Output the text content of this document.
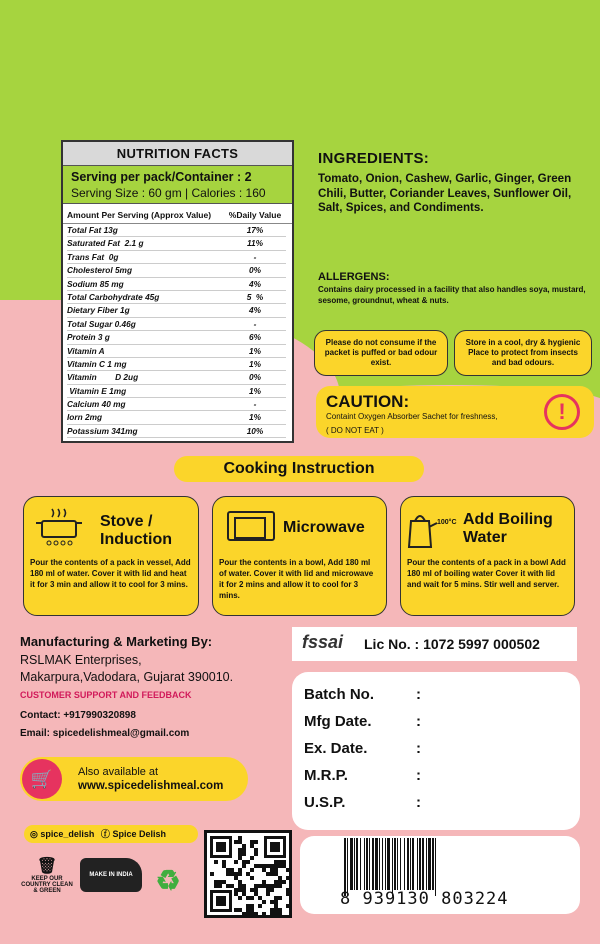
NUTRITION FACTS
Serving per pack/Container : 2
Serving Size : 60 gm | Calories : 160
Amount Per Serving (Approx Value)	%Daily Value
Total Fat 13g	17%
Saturated Fat  2.1 g	11%
Trans Fat  0g	-
Cholesterol 5mg	0%
Sodium 85 mg	4%
Total Carbohydrate 45g	5  %
Dietary Fiber 1g	4%
Total Sugar 0.46g	-
Protein 3 g	6%
Vitamin A	1%
Vitamin C 1 mg	1%
Vitamin        D 2ug	0%
Vitamin E 1mg	1%
Calcium 40 mg	-
Iorn 2mg	1%
Potassium 341mg	10%
INGREDIENTS:
Tomato, Onion, Cashew, Garlic, Ginger, Green Chili, Butter, Coriander Leaves, Sunflower Oil, Salt, Spices, and Condiments.
ALLERGENS:
Contains dairy processed in a facility that also handles soya, mustard, sesome, groundnut, wheat & nuts.
Please do not consume if the packet is puffed or bad odour exist.
Store in a cool, dry & hygienic Place to protect from insects and bad odours.
CAUTION:
Containt Oxygen Absorber Sachet for freshness,
( DO NOT EAT )
!
Cooking Instruction
Stove / Induction
Pour the contents of a pack in vessel, Add 180 ml of water. Cover it with lid and heat it for 3 min and allow it to cool for 3 mins.
Microwave
Pour the contents in a bowl, Add 180 ml of water. Cover it with lid and microwave it for 2 mins and allow it to cool for 3 mins.
100°C Add Boiling Water
Pour the contents of a pack in a bowl Add 180 ml of boiling water Cover it with lid and wait for 5 mins. Stir well and server.
Manufacturing & Marketing By:
RSLMAK Enterprises,
Makarpura,Vadodara, Gujarat 390010.
CUSTOMER SUPPORT AND FEEDBACK
Contact: +917990320898
Email: spicedelishmeal@gmail.com
🛒	Also available at
www.spicedelishmeal.com
◎ spice_delish ⓕ Spice Delish
🗑
KEEP OUR COUNTRY CLEAN & GREEN
MAKE IN INDIA ♻
fssai Lic No. : 1072 5997 000502
Batch No.	:
Mfg Date.	:
Ex. Date.	:
M.R.P.	:
U.S.P.	:
8 939130 803224
